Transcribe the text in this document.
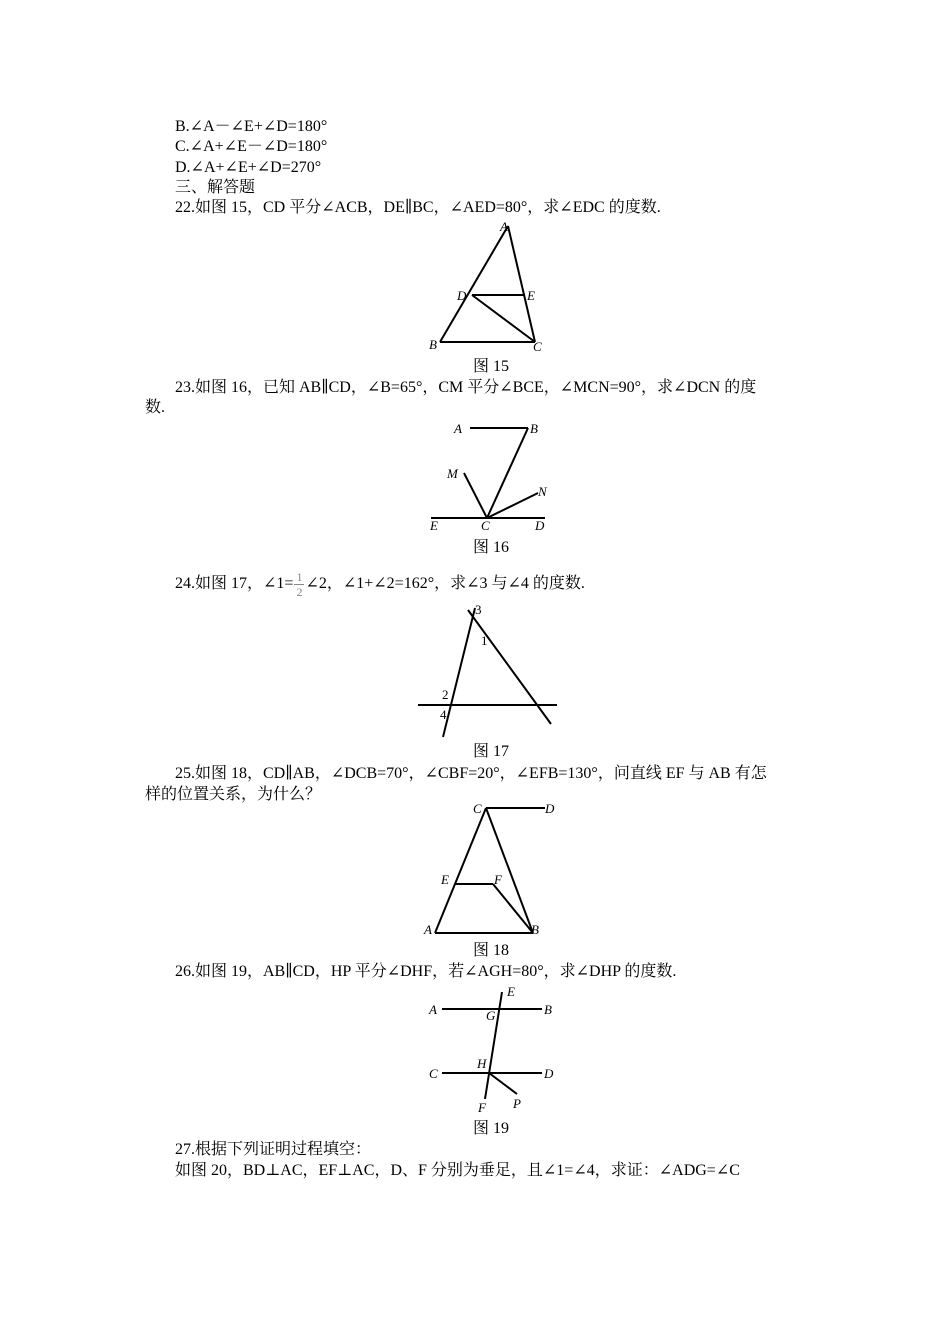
B.∠A－∠E+∠D=180°
C.∠A+∠E－∠D=180°
D.∠A+∠E+∠D=270°
三、解答题
22.如图 15，CD 平分∠ACB，DE∥BC，∠AED=80°，求∠EDC 的度数.
A
D	E
B	C
图 15
23.如图 16，已知 AB∥CD，∠B=65°，CM 平分∠BCE，∠MCN=90°，求∠DCN 的度
数.
A	B
M
N
E	C	D
图 16
24.如图 17，∠1= $\frac{1}{2}$ ∠2，∠1+∠2=162°，求∠3 与∠4 的度数.
3
1
2
4
图 17
25.如图 18，CD∥AB，∠DCB=70°，∠CBF=20°，∠EFB=130°，问直线 EF 与 AB 有怎
样的位置关系，为什么？
C	D
E	F
A	B
图 18
26.如图 19，AB∥CD，HP 平分∠DHF，若∠AGH=80°，求∠DHP 的度数.
E
A	G	B
H
C	D
F P
图 19
27.根据下列证明过程填空：
如图 20，BD⊥AC，EF⊥AC，D、F 分别为垂足，且∠1=∠4，求证：∠ADG=∠C
